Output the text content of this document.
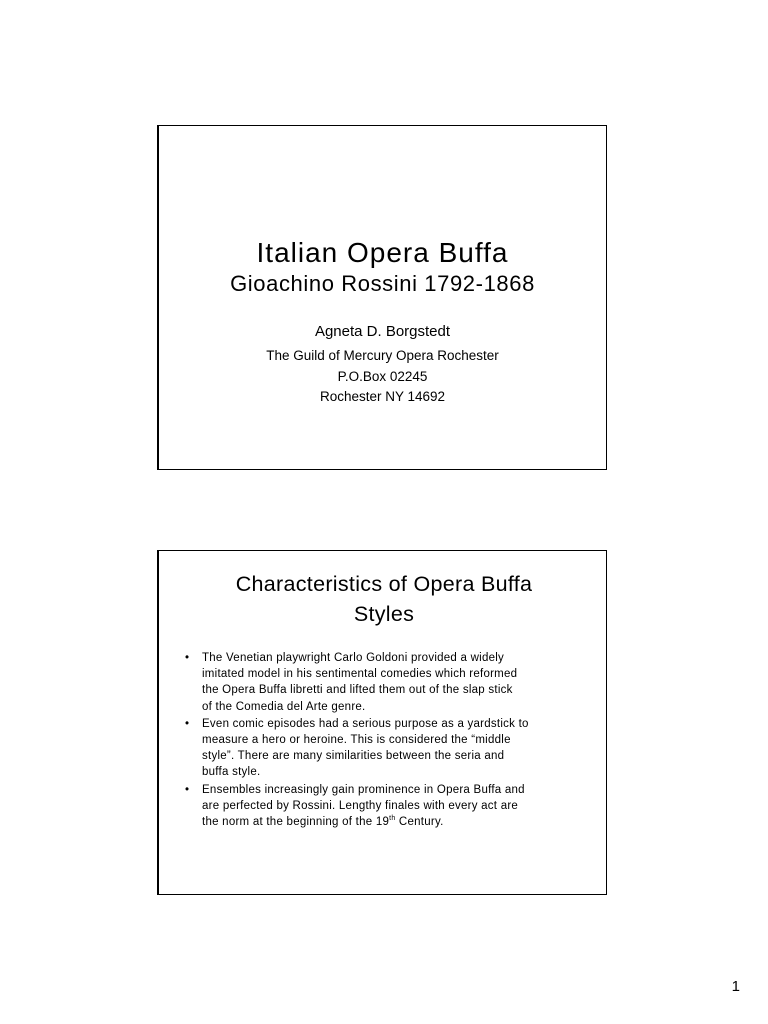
Italian Opera Buffa
Gioachino Rossini 1792-1868
Agneta D. Borgstedt
The Guild of Mercury Opera Rochester
P.O.Box 02245
Rochester NY 14692
Characteristics of Opera Buffa
Styles
• The Venetian playwright Carlo Goldoni provided a widely
imitated model in his sentimental comedies which reformed
the Opera Buffa libretti and lifted them out of the slap stick
of the Comedia del Arte genre.
• Even comic episodes had a serious purpose as a yardstick to
measure a hero or heroine. This is considered the “middle
style”. There are many similarities between the seria and
buffa style.
• Ensembles increasingly gain prominence in Opera Buffa and
are perfected by Rossini. Lengthy finales with every act are
the norm at the beginning of the 19th Century.
1
